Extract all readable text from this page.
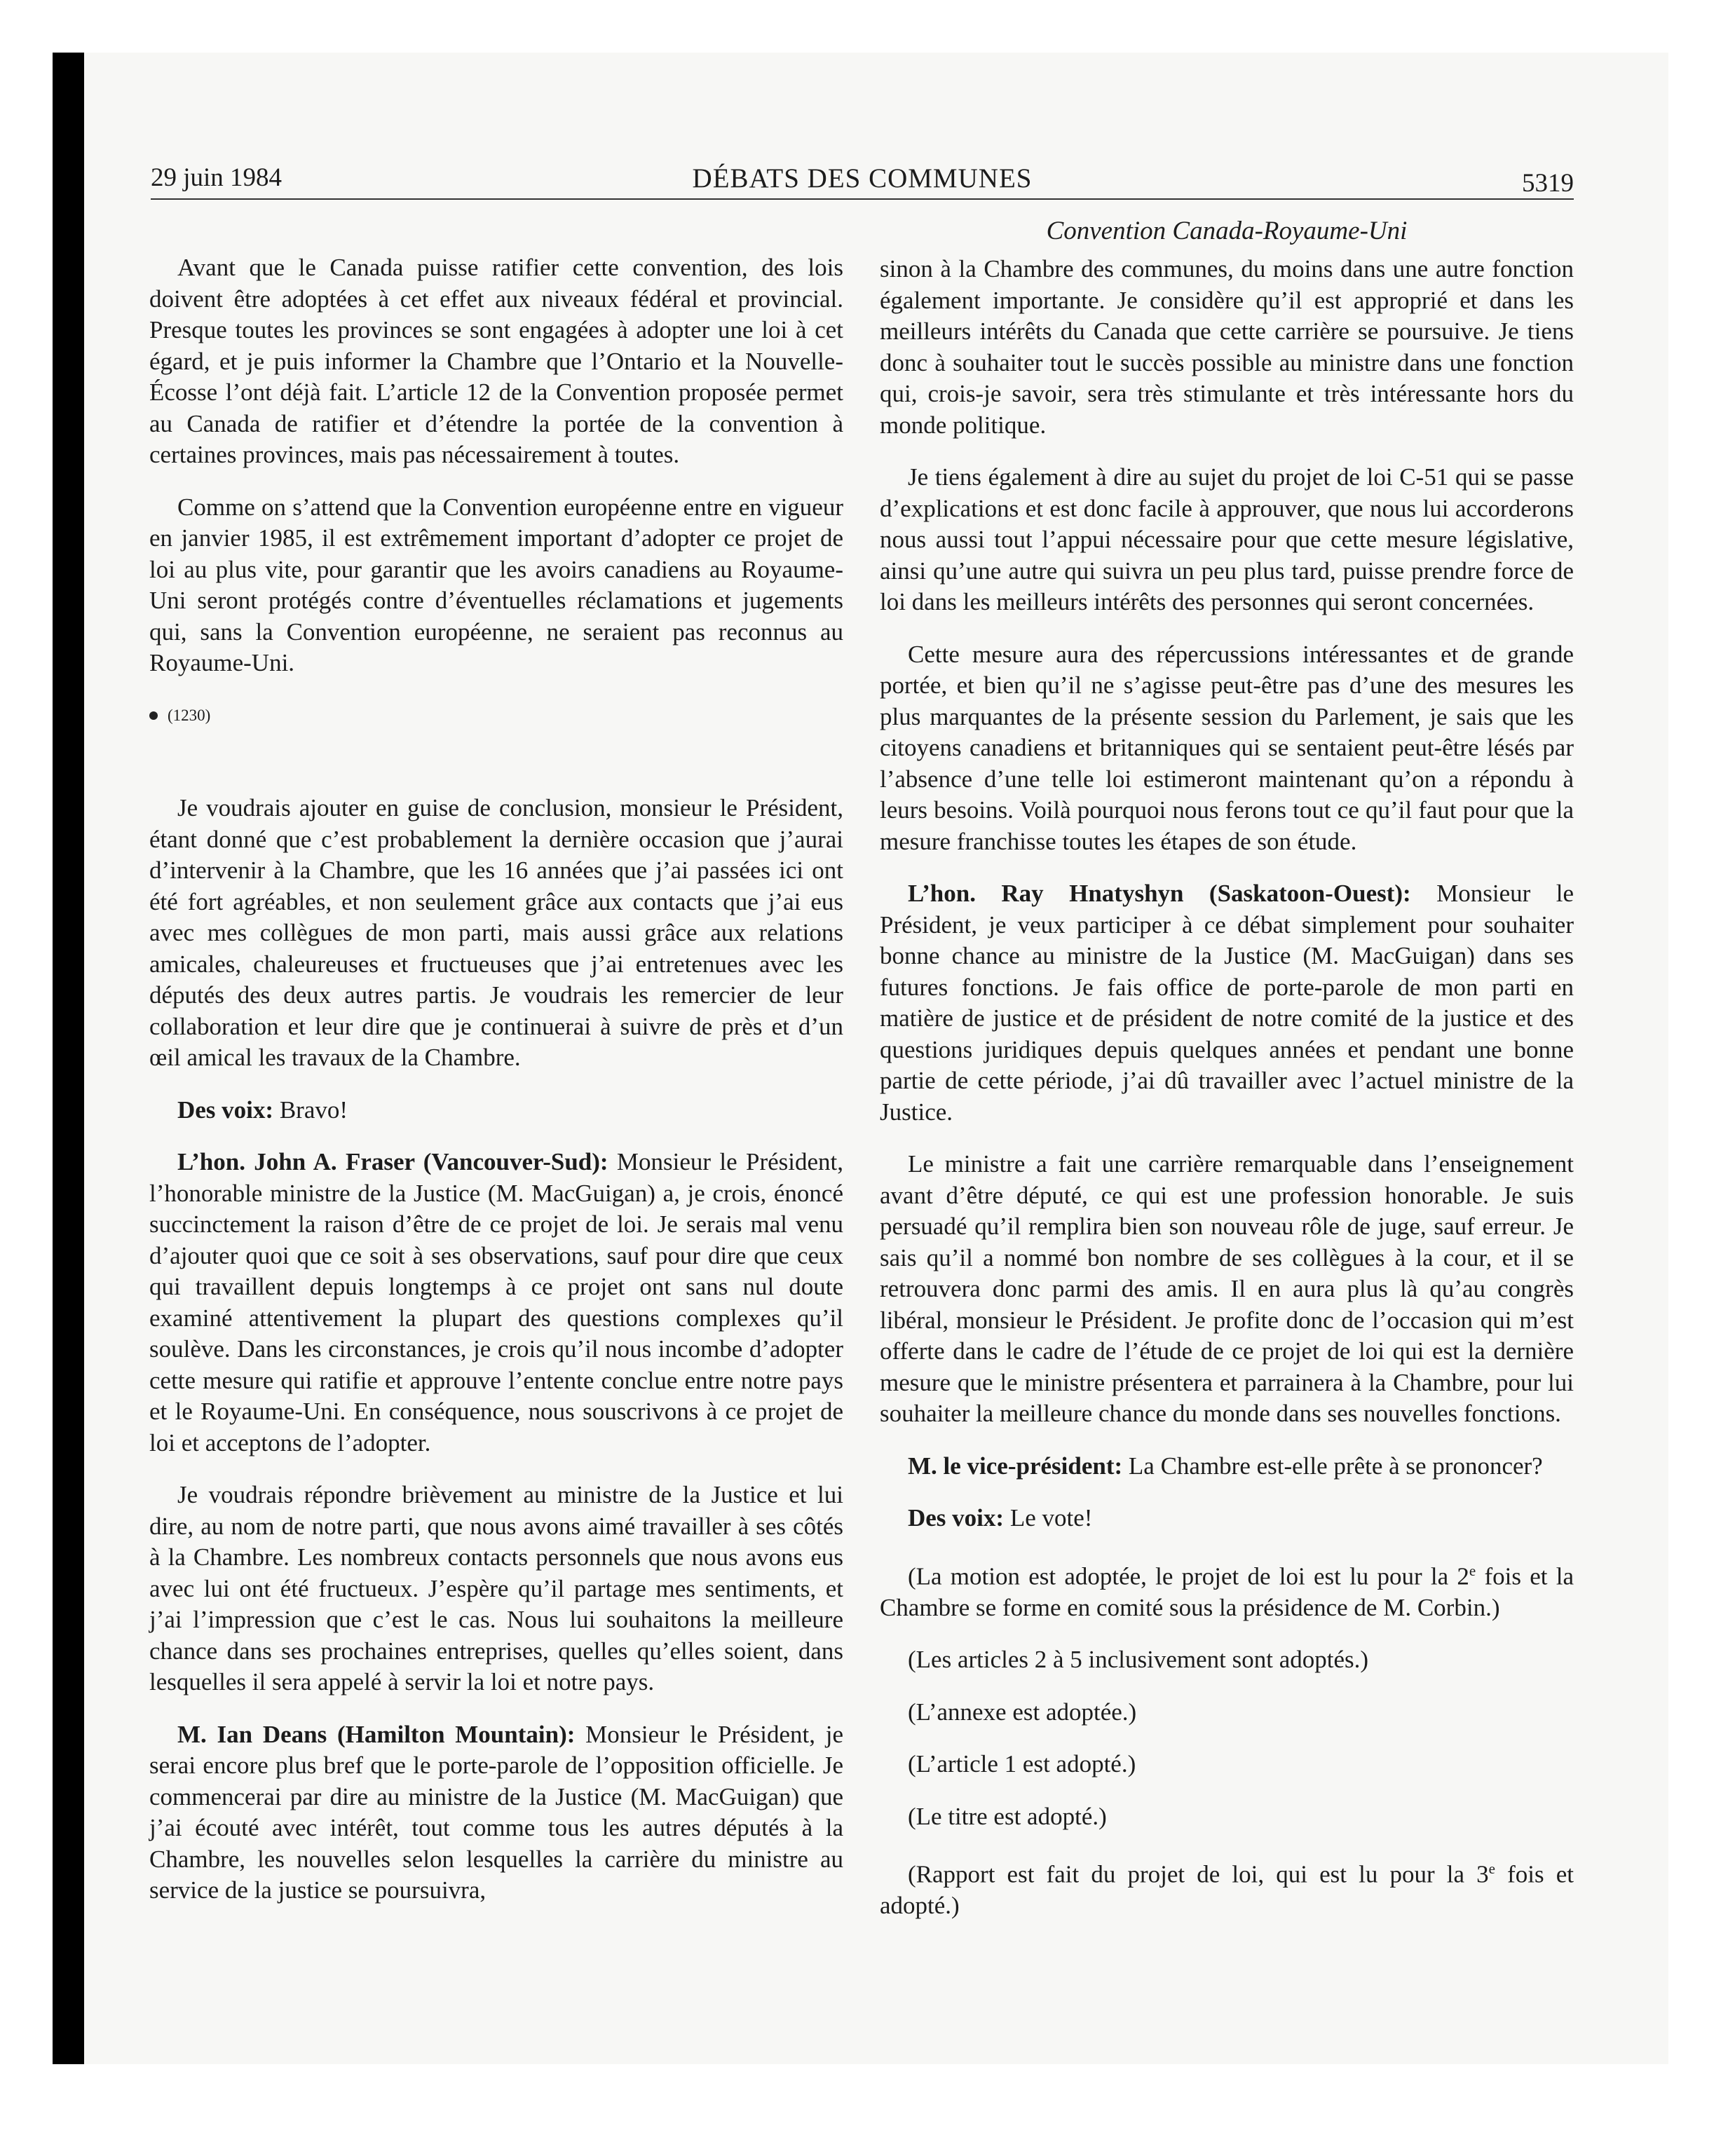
29 juin 1984	DÉBATS DES COMMUNES	5319
Convention Canada-Royaume-Uni

Avant que le Canada puisse ratifier cette convention, des lois doivent être adoptées à cet effet aux niveaux fédéral et provincial. Presque toutes les provinces se sont engagées à adopter une loi à cet égard, et je puis informer la Chambre que l’Ontario et la Nouvelle-Écosse l’ont déjà fait. L’article 12 de la Convention proposée permet au Canada de ratifier et d’étendre la portée de la convention à certaines provinces, mais pas nécessairement à toutes.

Comme on s’attend que la Convention européenne entre en vigueur en janvier 1985, il est extrêmement important d’adopter ce projet de loi au plus vite, pour garantir que les avoirs canadiens au Royaume-Uni seront protégés contre d’éventuelles réclamations et jugements qui, sans la Convention européenne, ne seraient pas reconnus au Royaume-Uni.

(1230)

Je voudrais ajouter en guise de conclusion, monsieur le Président, étant donné que c’est probablement la dernière occasion que j’aurai d’intervenir à la Chambre, que les 16 années que j’ai passées ici ont été fort agréables, et non seulement grâce aux contacts que j’ai eus avec mes collègues de mon parti, mais aussi grâce aux relations amicales, chaleureuses et fructueuses que j’ai entretenues avec les députés des deux autres partis. Je voudrais les remercier de leur collaboration et leur dire que je continuerai à suivre de près et d’un œil amical les travaux de la Chambre.

Des voix: Bravo!

L’hon. John A. Fraser (Vancouver-Sud): Monsieur le Président, l’honorable ministre de la Justice (M. MacGuigan) a, je crois, énoncé succinctement la raison d’être de ce projet de loi. Je serais mal venu d’ajouter quoi que ce soit à ses observations, sauf pour dire que ceux qui travaillent depuis longtemps à ce projet ont sans nul doute examiné attentivement la plupart des questions complexes qu’il soulève. Dans les circonstances, je crois qu’il nous incombe d’adopter cette mesure qui ratifie et approuve l’entente conclue entre notre pays et le Royaume-Uni. En conséquence, nous souscrivons à ce projet de loi et acceptons de l’adopter.

Je voudrais répondre brièvement au ministre de la Justice et lui dire, au nom de notre parti, que nous avons aimé travailler à ses côtés à la Chambre. Les nombreux contacts personnels que nous avons eus avec lui ont été fructueux. J’espère qu’il partage mes sentiments, et j’ai l’impression que c’est le cas. Nous lui souhaitons la meilleure chance dans ses prochaines entreprises, quelles qu’elles soient, dans lesquelles il sera appelé à servir la loi et notre pays.

M. Ian Deans (Hamilton Mountain): Monsieur le Président, je serai encore plus bref que le porte-parole de l’opposition officielle. Je commencerai par dire au ministre de la Justice (M. MacGuigan) que j’ai écouté avec intérêt, tout comme tous les autres députés à la Chambre, les nouvelles selon lesquelles la carrière du ministre au service de la justice se poursuivra,

sinon à la Chambre des communes, du moins dans une autre fonction également importante. Je considère qu’il est approprié et dans les meilleurs intérêts du Canada que cette carrière se poursuive. Je tiens donc à souhaiter tout le succès possible au ministre dans une fonction qui, crois-je savoir, sera très stimulante et très intéressante hors du monde politique.

Je tiens également à dire au sujet du projet de loi C-51 qui se passe d’explications et est donc facile à approuver, que nous lui accorderons nous aussi tout l’appui nécessaire pour que cette mesure législative, ainsi qu’une autre qui suivra un peu plus tard, puisse prendre force de loi dans les meilleurs intérêts des personnes qui seront concernées.

Cette mesure aura des répercussions intéressantes et de grande portée, et bien qu’il ne s’agisse peut-être pas d’une des mesures les plus marquantes de la présente session du Parlement, je sais que les citoyens canadiens et britanniques qui se sentaient peut-être lésés par l’absence d’une telle loi estimeront maintenant qu’on a répondu à leurs besoins. Voilà pourquoi nous ferons tout ce qu’il faut pour que la mesure franchisse toutes les étapes de son étude.

L’hon. Ray Hnatyshyn (Saskatoon-Ouest): Monsieur le Président, je veux participer à ce débat simplement pour souhaiter bonne chance au ministre de la Justice (M. MacGuigan) dans ses futures fonctions. Je fais office de porte-parole de mon parti en matière de justice et de président de notre comité de la justice et des questions juridiques depuis quelques années et pendant une bonne partie de cette période, j’ai dû travailler avec l’actuel ministre de la Justice.

Le ministre a fait une carrière remarquable dans l’enseignement avant d’être député, ce qui est une profession honorable. Je suis persuadé qu’il remplira bien son nouveau rôle de juge, sauf erreur. Je sais qu’il a nommé bon nombre de ses collègues à la cour, et il se retrouvera donc parmi des amis. Il en aura plus là qu’au congrès libéral, monsieur le Président. Je profite donc de l’occasion qui m’est offerte dans le cadre de l’étude de ce projet de loi qui est la dernière mesure que le ministre présentera et parrainera à la Chambre, pour lui souhaiter la meilleure chance du monde dans ses nouvelles fonctions.

M. le vice-président: La Chambre est-elle prête à se prononcer?

Des voix: Le vote!

(La motion est adoptée, le projet de loi est lu pour la 2e fois et la Chambre se forme en comité sous la présidence de M. Corbin.)

(Les articles 2 à 5 inclusivement sont adoptés.)

(L’annexe est adoptée.)

(L’article 1 est adopté.)

(Le titre est adopté.)

(Rapport est fait du projet de loi, qui est lu pour la 3e fois et adopté.)
